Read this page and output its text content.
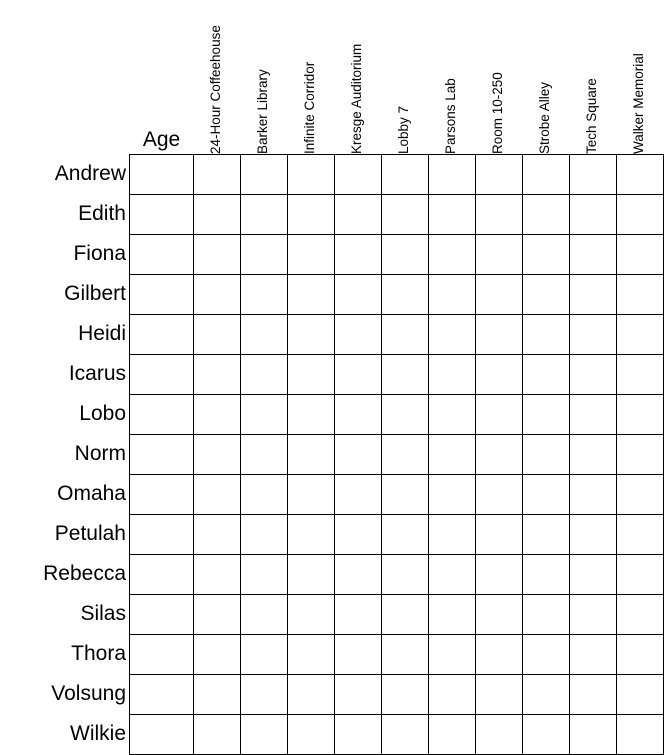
Age	24-Hour Coffeehouse Barker Library Infinite Corridor Kresge Auditorium Lobby 7 Parsons Lab Room 10-250 Strobe Alley Tech Square Walker Memorial
Andrew
Edith
Fiona
Gilbert
Heidi
Icarus
Lobo
Norm
Omaha
Petulah
Rebecca
Silas
Thora
Volsung
Wilkie
